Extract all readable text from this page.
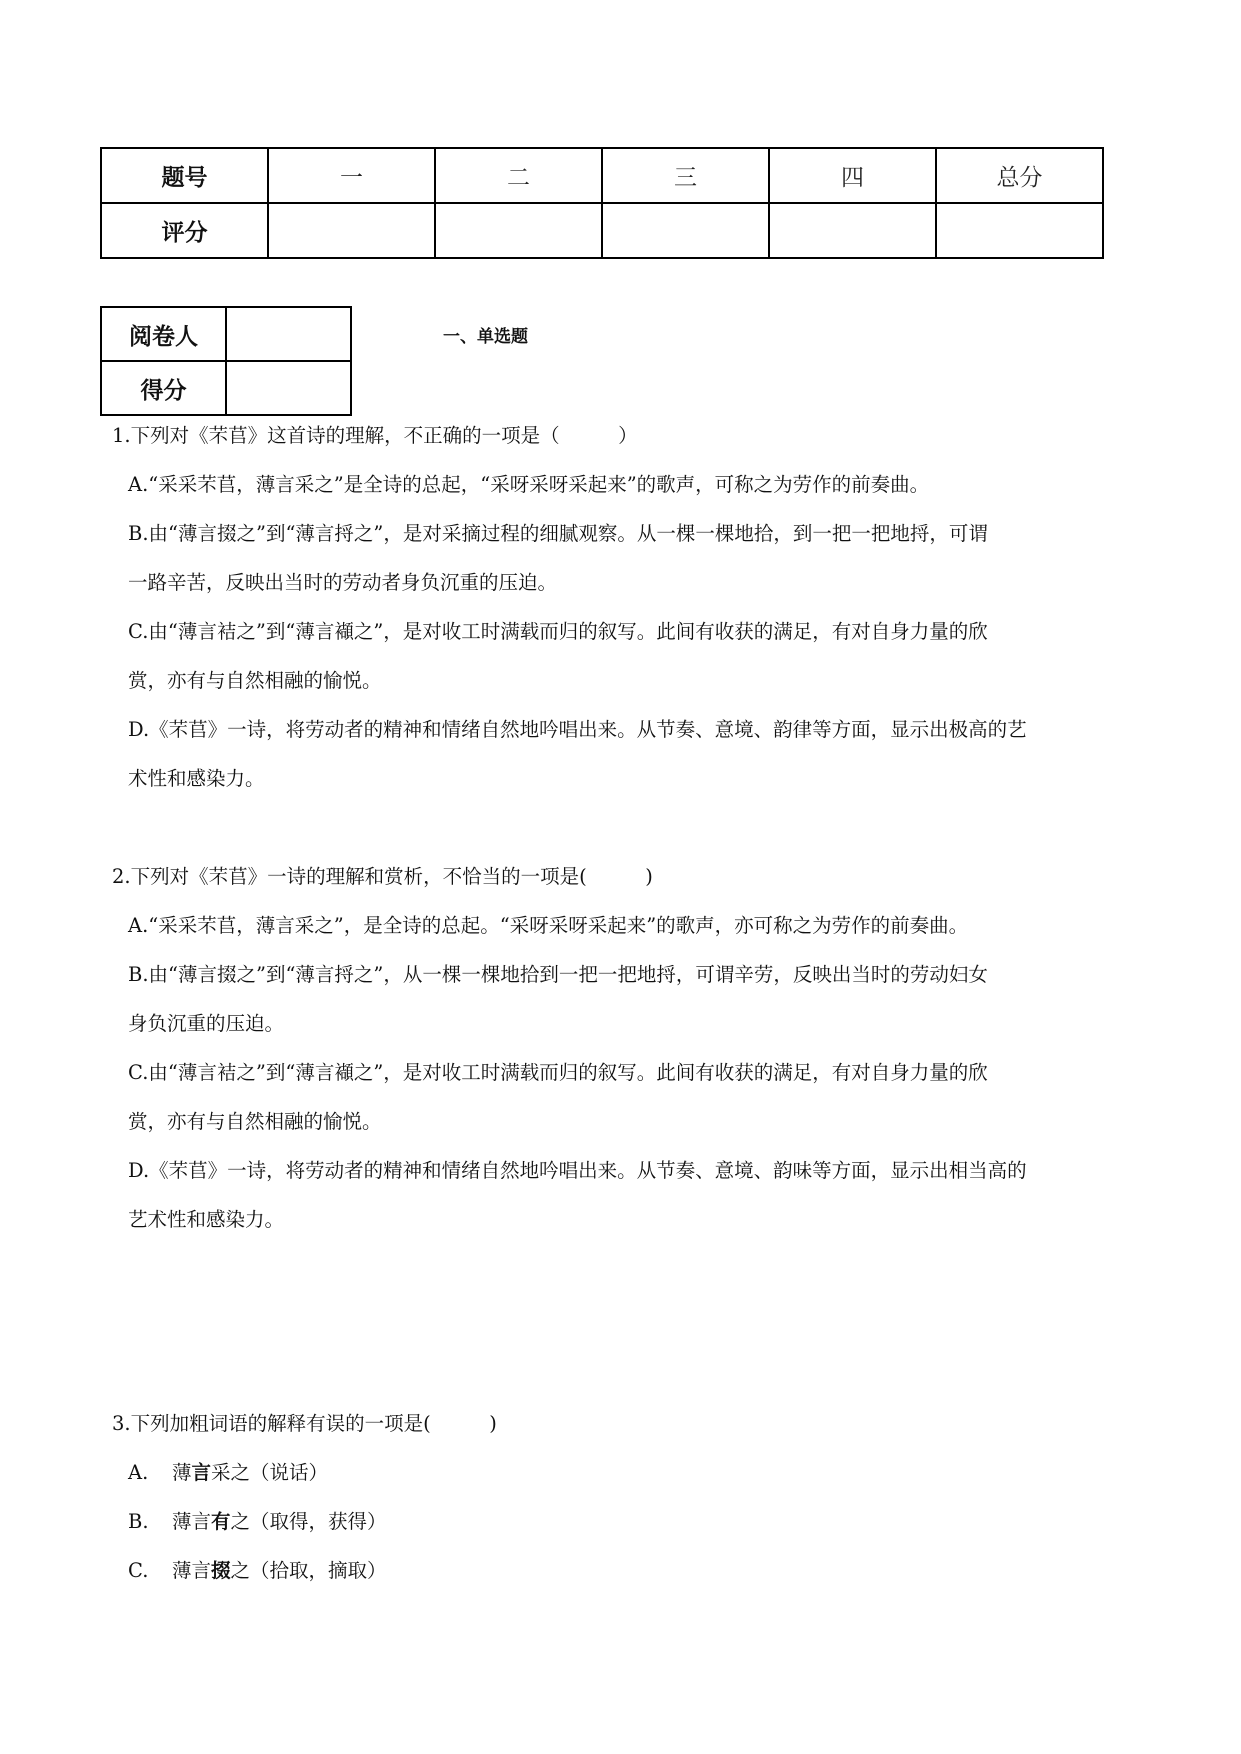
题号	一	二	三	四	总分
评分					
阅卷人	
得分	
一、单选题
1.下列对《芣苢》这首诗的理解，不正确的一项是（　　　）
A.“采采芣苢，薄言采之”是全诗的总起，“采呀采呀采起来”的歌声，可称之为劳作的前奏曲。
B.由“薄言掇之”到“薄言捋之”，是对采摘过程的细腻观察。从一棵一棵地拾，到一把一把地捋，可谓
一路辛苦，反映出当时的劳动者身负沉重的压迫。
C.由“薄言袺之”到“薄言襭之”，是对收工时满载而归的叙写。此间有收获的满足，有对自身力量的欣
赏，亦有与自然相融的愉悦。
D.《芣苢》一诗，将劳动者的精神和情绪自然地吟唱出来。从节奏、意境、韵律等方面，显示出极高的艺
术性和感染力。
2.下列对《芣苢》一诗的理解和赏析，不恰当的一项是(　　　)
A.“采采芣苢，薄言采之”，是全诗的总起。“采呀采呀采起来”的歌声，亦可称之为劳作的前奏曲。
B.由“薄言掇之”到“薄言捋之”，从一棵一棵地拾到一把一把地捋，可谓辛劳，反映出当时的劳动妇女
身负沉重的压迫。
C.由“薄言袺之”到“薄言襭之”，是对收工时满载而归的叙写。此间有收获的满足，有对自身力量的欣
赏，亦有与自然相融的愉悦。
D.《芣苢》一诗，将劳动者的精神和情绪自然地吟唱出来。从节奏、意境、韵味等方面，显示出相当高的
艺术性和感染力。
3.下列加粗词语的解释有误的一项是(　　　)
A. 薄言采之（说话）
B. 薄言有之（取得，获得）
C. 薄言掇之（拾取，摘取）
